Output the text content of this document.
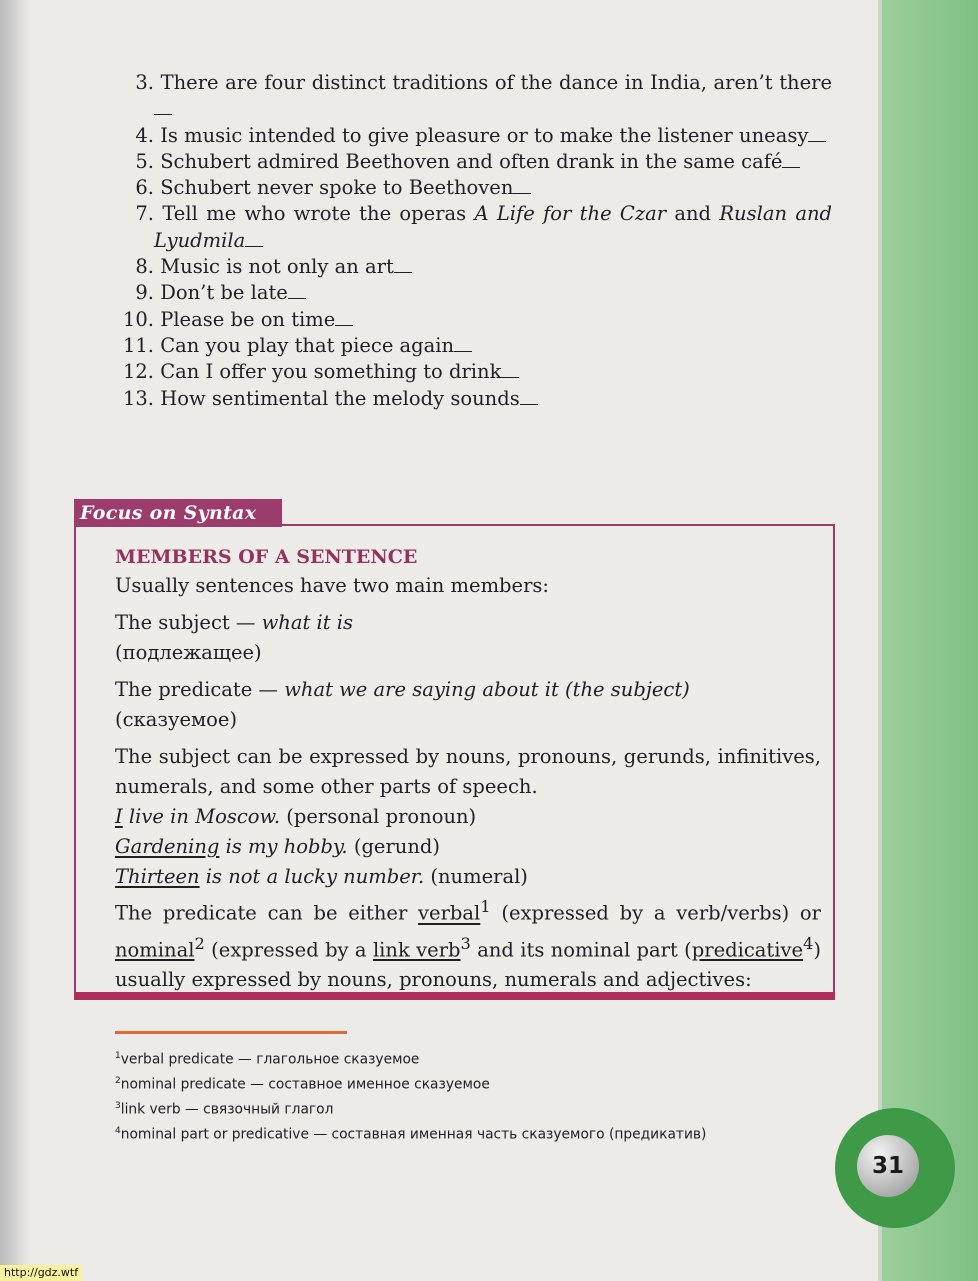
31
3. There are four distinct traditions of the dance in India, aren’t there
4. Is music intended to give pleasure or to make the listener uneasy
5. Schubert admired Beethoven and often drank in the same café
6. Schubert never spoke to Beethoven
7. Tell me who wrote the operas A Life for the Czar and Ruslan and Lyudmila
8. Music is not only an art
9. Don’t be late
10. Please be on time
11. Can you play that piece again
12. Can I offer you something to drink
13. How sentimental the melody sounds
Focus on Syntax

MEMBERS OF A SENTENCE

Usually sentences have two main members:

The subject — what it is

(подлежащее)

The predicate — what we are saying about it (the subject)

(сказуемое)

The subject can be expressed by nouns, pronouns, gerunds, infinitives, numerals, and some other parts of speech.

I live in Moscow. (personal pronoun)

Gardening is my hobby. (gerund)

Thirteen is not a lucky number. (numeral)

The predicate can be either verbal$^1$ (expressed by a verb/verbs) or nominal$^2$ (expressed by a link verb$^3$ and its nominal part (predicative$^4$) usually expressed by nouns, pronouns, numerals and adjectives:

$^1$verbal predicate — глагольное сказуемое
$^2$nominal predicate — составное именное сказуемое
$^3$link verb — связочный глагол
$^4$nominal part or predicative — составная именная часть сказуемого (предикатив)
http://gdz.wtf
